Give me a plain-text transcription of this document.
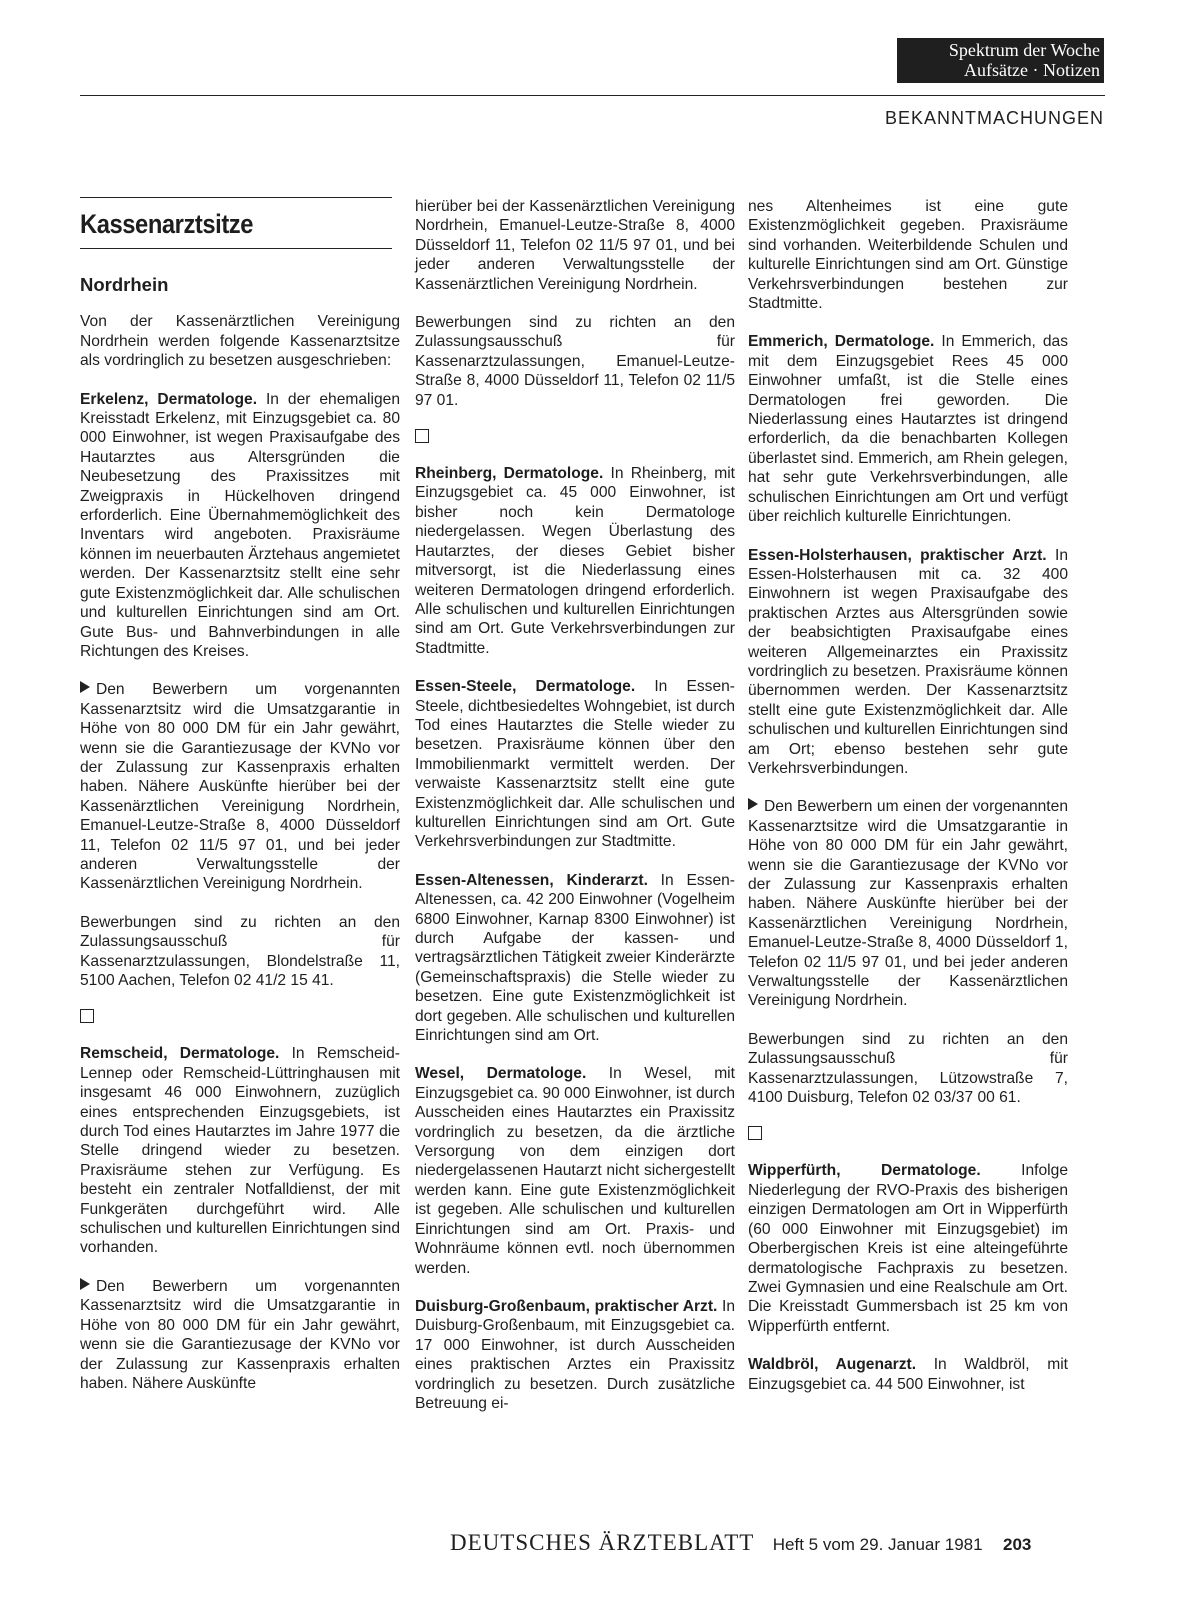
Spektrum der Woche
Aufsätze · Notizen
BEKANNTMACHUNGEN
Kassenarztsitze
Nordrhein

Von der Kassenärztlichen Vereinigung Nordrhein werden folgende Kassenarztsitze als vordringlich zu besetzen ausgeschrieben:

Erkelenz, Dermatologe. In der ehemaligen Kreisstadt Erkelenz, mit Einzugsgebiet ca. 80 000 Einwohner, ist wegen Praxisaufgabe des Hautarztes aus Altersgründen die Neubesetzung des Praxissitzes mit Zweigpraxis in Hückelhoven dringend erforderlich. Eine Übernahmemöglichkeit des Inventars wird angeboten. Praxisräume können im neuerbauten Ärztehaus angemietet werden. Der Kassenarztsitz stellt eine sehr gute Existenzmöglichkeit dar. Alle schulischen und kulturellen Einrichtungen sind am Ort. Gute Bus- und Bahnverbindungen in alle Richtungen des Kreises.

Den Bewerbern um vorgenannten Kassenarztsitz wird die Umsatzgarantie in Höhe von 80 000 DM für ein Jahr gewährt, wenn sie die Garantiezusage der KVNo vor der Zulassung zur Kassenpraxis erhalten haben. Nähere Auskünfte hierüber bei der Kassenärztlichen Vereinigung Nordrhein, Emanuel-Leutze-Straße 8, 4000 Düsseldorf 11, Telefon 02 11/5 97 01, und bei jeder anderen Verwaltungsstelle der Kassenärztlichen Vereinigung Nordrhein.

Bewerbungen sind zu richten an den Zulassungsausschuß für Kassenarztzulassungen, Blondelstraße 11, 5100 Aachen, Telefon 02 41/2 15 41.

Remscheid, Dermatologe. In Remscheid-Lennep oder Remscheid-Lüttringhausen mit insgesamt 46 000 Einwohnern, zuzüglich eines entsprechenden Einzugsgebiets, ist durch Tod eines Hautarztes im Jahre 1977 die Stelle dringend wieder zu besetzen. Praxisräume stehen zur Verfügung. Es besteht ein zentraler Notfalldienst, der mit Funkgeräten durchgeführt wird. Alle schulischen und kulturellen Einrichtungen sind vorhanden.

Den Bewerbern um vorgenannten Kassenarztsitz wird die Umsatzgarantie in Höhe von 80 000 DM für ein Jahr gewährt, wenn sie die Garantiezusage der KVNo vor der Zulassung zur Kassenpraxis erhalten haben. Nähere Auskünfte

hierüber bei der Kassenärztlichen Vereinigung Nordrhein, Emanuel-Leutze-Straße 8, 4000 Düsseldorf 11, Telefon 02 11/5 97 01, und bei jeder anderen Verwaltungsstelle der Kassenärztlichen Vereinigung Nordrhein.

Bewerbungen sind zu richten an den Zulassungsausschuß für Kassenarztzulassungen, Emanuel-Leutze-Straße 8, 4000 Düsseldorf 11, Telefon 02 11/5 97 01.

Rheinberg, Dermatologe. In Rheinberg, mit Einzugsgebiet ca. 45 000 Einwohner, ist bisher noch kein Dermatologe niedergelassen. Wegen Überlastung des Hautarztes, der dieses Gebiet bisher mitversorgt, ist die Niederlassung eines weiteren Dermatologen dringend erforderlich. Alle schulischen und kulturellen Einrichtungen sind am Ort. Gute Verkehrsverbindungen zur Stadtmitte.

Essen-Steele, Dermatologe. In Essen-Steele, dichtbesiedeltes Wohngebiet, ist durch Tod eines Hautarztes die Stelle wieder zu besetzen. Praxisräume können über den Immobilienmarkt vermittelt werden. Der verwaiste Kassenarztsitz stellt eine gute Existenzmöglichkeit dar. Alle schulischen und kulturellen Einrichtungen sind am Ort. Gute Verkehrsverbindungen zur Stadtmitte.

Essen-Altenessen, Kinderarzt. In Essen-Altenessen, ca. 42 200 Einwohner (Vogelheim 6800 Einwohner, Karnap 8300 Einwohner) ist durch Aufgabe der kassen- und vertragsärztlichen Tätigkeit zweier Kinderärzte (Gemeinschaftspraxis) die Stelle wieder zu besetzen. Eine gute Existenzmöglichkeit ist dort gegeben. Alle schulischen und kulturellen Einrichtungen sind am Ort.

Wesel, Dermatologe. In Wesel, mit Einzugsgebiet ca. 90 000 Einwohner, ist durch Ausscheiden eines Hautarztes ein Praxissitz vordringlich zu besetzen, da die ärztliche Versorgung von dem einzigen dort niedergelassenen Hautarzt nicht sichergestellt werden kann. Eine gute Existenzmöglichkeit ist gegeben. Alle schulischen und kulturellen Einrichtungen sind am Ort. Praxis- und Wohnräume können evtl. noch übernommen werden.

Duisburg-Großenbaum, praktischer Arzt. In Duisburg-Großenbaum, mit Einzugsgebiet ca. 17 000 Einwohner, ist durch Ausscheiden eines praktischen Arztes ein Praxissitz vordringlich zu besetzen. Durch zusätzliche Betreuung ei-

nes Altenheimes ist eine gute Existenzmöglichkeit gegeben. Praxisräume sind vorhanden. Weiterbildende Schulen und kulturelle Einrichtungen sind am Ort. Günstige Verkehrsverbindungen bestehen zur Stadtmitte.

Emmerich, Dermatologe. In Emmerich, das mit dem Einzugsgebiet Rees 45 000 Einwohner umfaßt, ist die Stelle eines Dermatologen frei geworden. Die Niederlassung eines Hautarztes ist dringend erforderlich, da die benachbarten Kollegen überlastet sind. Emmerich, am Rhein gelegen, hat sehr gute Verkehrsverbindungen, alle schulischen Einrichtungen am Ort und verfügt über reichlich kulturelle Einrichtungen.

Essen-Holsterhausen, praktischer Arzt. In Essen-Holsterhausen mit ca. 32 400 Einwohnern ist wegen Praxisaufgabe des praktischen Arztes aus Altersgründen sowie der beabsichtigten Praxisaufgabe eines weiteren Allgemeinarztes ein Praxissitz vordringlich zu besetzen. Praxisräume können übernommen werden. Der Kassenarztsitz stellt eine gute Existenzmöglichkeit dar. Alle schulischen und kulturellen Einrichtungen sind am Ort; ebenso bestehen sehr gute Verkehrsverbindungen.

Den Bewerbern um einen der vorgenannten Kassenarztsitze wird die Umsatzgarantie in Höhe von 80 000 DM für ein Jahr gewährt, wenn sie die Garantiezusage der KVNo vor der Zulassung zur Kassenpraxis erhalten haben. Nähere Auskünfte hierüber bei der Kassenärztlichen Vereinigung Nordrhein, Emanuel-Leutze-Straße 8, 4000 Düsseldorf 1, Telefon 02 11/5 97 01, und bei jeder anderen Verwaltungsstelle der Kassenärztlichen Vereinigung Nordrhein.

Bewerbungen sind zu richten an den Zulassungsausschuß für Kassenarztzulassungen, Lützowstraße 7, 4100 Duisburg, Telefon 02 03/37 00 61.

Wipperfürth, Dermatologe. Infolge Niederlegung der RVO-Praxis des bisherigen einzigen Dermatologen am Ort in Wipperfürth (60 000 Einwohner mit Einzugsgebiet) im Oberbergischen Kreis ist eine alteingeführte dermatologische Fachpraxis zu besetzen. Zwei Gymnasien und eine Realschule am Ort. Die Kreisstadt Gummersbach ist 25 km von Wipperfürth entfernt.

Waldbröl, Augenarzt. In Waldbröl, mit Einzugsgebiet ca. 44 500 Einwohner, ist

DEUTSCHES ÄRZTEBLATT Heft 5 vom 29. Januar 1981 203
